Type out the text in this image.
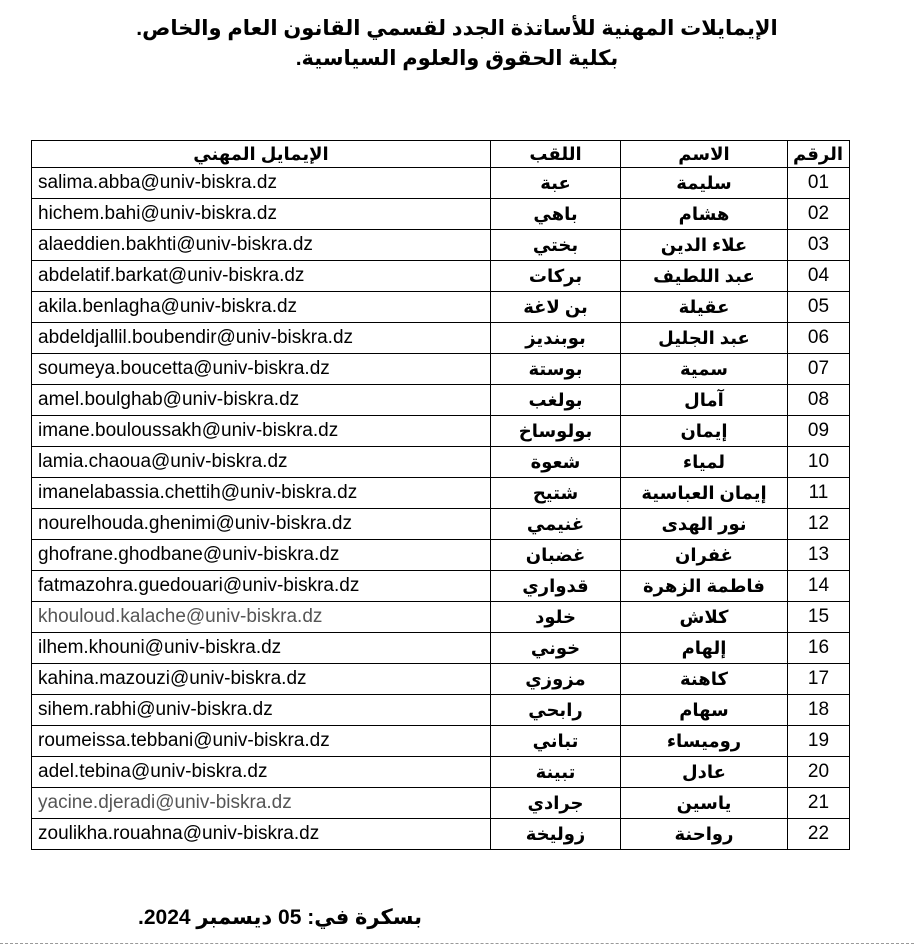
الإيمايلات المهنية للأساتذة الجدد لقسمي القانون العام والخاص.
بكلية الحقوق والعلوم السياسية.
الإيمايل المهني	اللقب	الاسم	الرقم
salima.abba@univ-biskra.dz	عبة	سليمة	01
hichem.bahi@univ-biskra.dz	باهي	هشام	02
alaeddien.bakhti@univ-biskra.dz	بختي	علاء الدين	03
abdelatif.barkat@univ-biskra.dz	بركات	عبد اللطيف	04
akila.benlagha@univ-biskra.dz	بن لاغة	عقيلة	05
abdeldjallil.boubendir@univ-biskra.dz	بوبنديز	عبد الجليل	06
soumeya.boucetta@univ-biskra.dz	بوستة	سمية	07
amel.boulghab@univ-biskra.dz	بولغب	آمال	08
imane.bouloussakh@univ-biskra.dz	بولوساخ	إيمان	09
lamia.chaoua@univ-biskra.dz	شعوة	لمياء	10
imanelabassia.chettih@univ-biskra.dz	شتيح	إيمان العباسية	11
nourelhouda.ghenimi@univ-biskra.dz	غنيمي	نور الهدى	12
ghofrane.ghodbane@univ-biskra.dz	غضبان	غفران	13
fatmazohra.guedouari@univ-biskra.dz	قدواري	فاطمة الزهرة	14
khouloud.kalache@univ-biskra.dz	خلود	كلاش	15
ilhem.khouni@univ-biskra.dz	خوني	إلهام	16
kahina.mazouzi@univ-biskra.dz	مزوزي	كاهنة	17
sihem.rabhi@univ-biskra.dz	رابحي	سهام	18
roumeissa.tebbani@univ-biskra.dz	تباني	روميساء	19
adel.tebina@univ-biskra.dz	تبينة	عادل	20
yacine.djeradi@univ-biskra.dz	جرادي	ياسين	21
zoulikha.rouahna@univ-biskra.dz	زوليخة	رواحنة	22
بسكرة في: 05 ديسمبر 2024.
